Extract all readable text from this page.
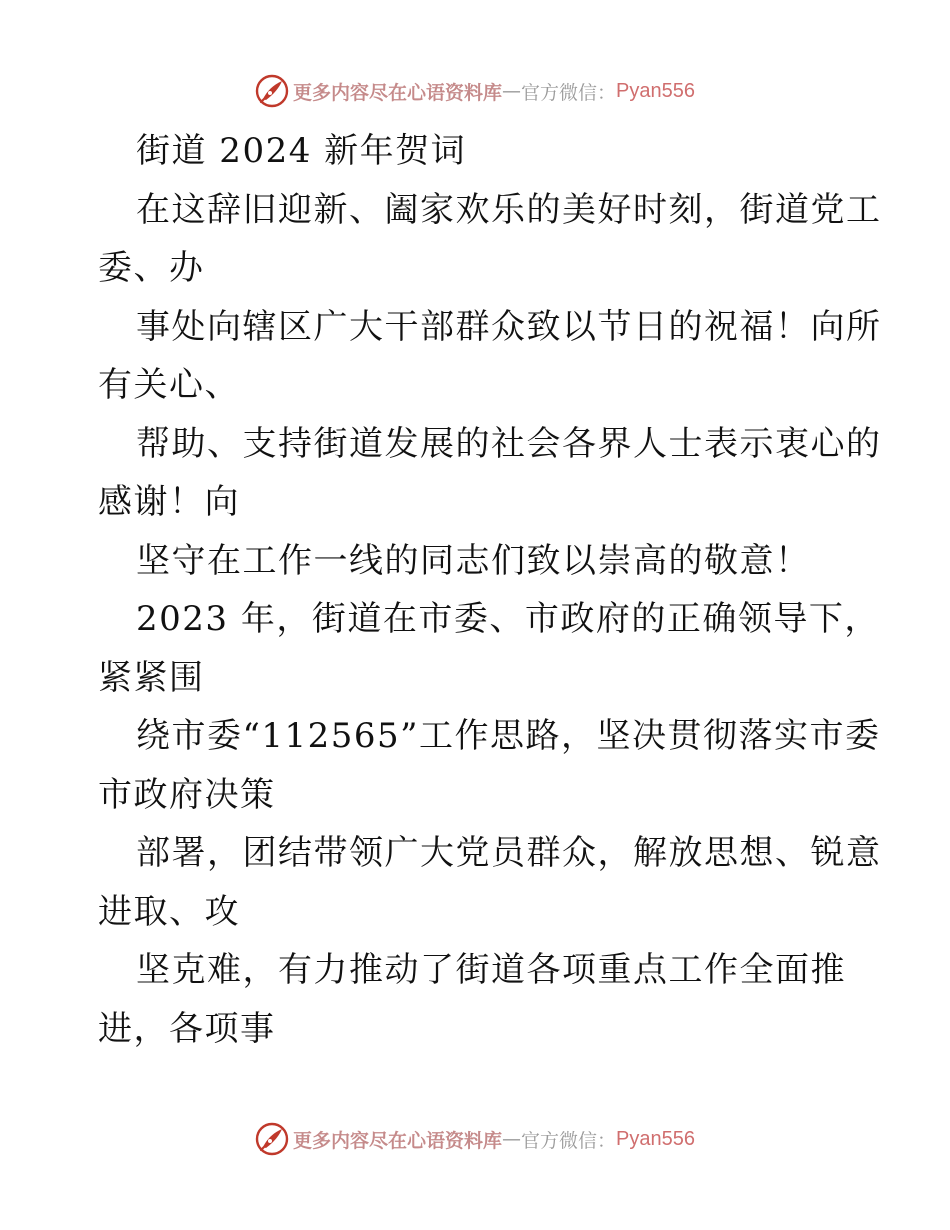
更多内容尽在心语资料库 — 官方微信： Pyan556
街道 2024 新年贺词
在这辞旧迎新、阖家欢乐的美好时刻，街道党工
委、办
事处向辖区广大干部群众致以节日的祝福！向所
有关心、
帮助、支持街道发展的社会各界人士表示衷心的
感谢！向
坚守在工作一线的同志们致以崇高的敬意！
2023 年，街道在市委、市政府的正确领导下，
紧紧围
绕市委“112565”工作思路，坚决贯彻落实市委
市政府决策
部署，团结带领广大党员群众，解放思想、锐意
进取、攻
坚克难，有力推动了街道各项重点工作全面推
进，各项事
更多内容尽在心语资料库 — 官方微信： Pyan556
